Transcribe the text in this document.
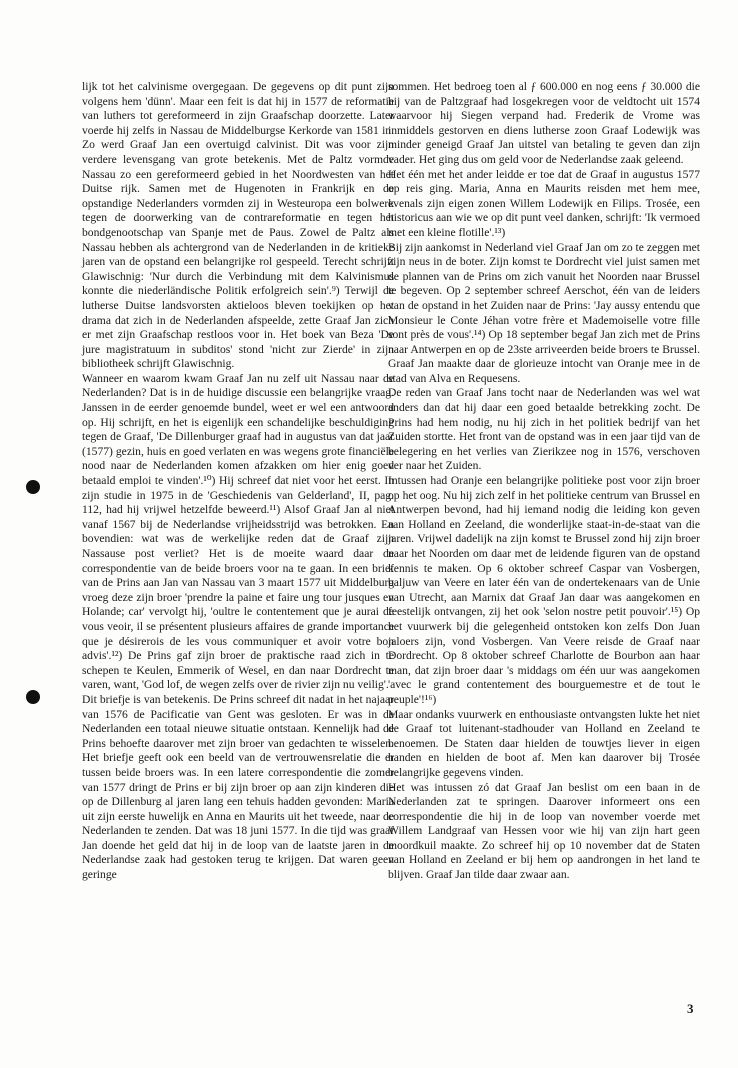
lijk tot het calvinisme overgegaan. De gegevens op dit punt zijn volgens hem 'dünn'. Maar een feit is dat hij in 1577 de reformatie van luthers tot gereformeerd in zijn Graafschap doorzette. Later voerde hij zelfs in Nassau de Middelburgse Kerkorde van 1581 in. Zo werd Graaf Jan een overtuigd calvinist. Dit was voor zijn verdere levensgang van grote betekenis. Met de Paltz vormde Nassau zo een gereformeerd gebied in het Noordwesten van het Duitse rijk. Samen met de Hugenoten in Frankrijk en de opstandige Nederlanders vormden zij in Westeuropa een bolwerk tegen de doorwerking van de contrareformatie en tegen het bondgenootschap van Spanje met de Paus. Zowel de Paltz als Nassau hebben als achtergrond van de Nederlanden in de kritieke jaren van de opstand een belangrijke rol gespeeld. Terecht schrijft Glawischnig: 'Nur durch die Verbindung mit dem Kalvinismus konnte die niederländische Politik erfolgreich sein'.⁹) Terwijl de lutherse Duitse landsvorsten aktieloos bleven toekijken op het drama dat zich in de Nederlanden afspeelde, zette Graaf Jan zich er met zijn Graafschap restloos voor in. Het boek van Beza 'De jure magistratuum in subditos' stond 'nicht zur Zierde' in zijn bibliotheek schrijft Glawischnig.

Wanneer en waarom kwam Graaf Jan nu zelf uit Nassau naar de Nederlanden? Dat is in de huidige discussie een belangrijke vraag. Janssen in de eerder genoemde bundel, weet er wel een antwoord op. Hij schrijft, en het is eigenlijk een schandelijke beschuldiging tegen de Graaf, 'De Dillenburger graaf had in augustus van dat jaar (1577) gezin, huis en goed verlaten en was wegens grote financiële nood naar de Nederlanden komen afzakken om hier enig goed betaald emploi te vinden'.¹⁰) Hij schreef dat niet voor het eerst. In zijn studie in 1975 in de 'Geschiedenis van Gelderland', II, pag. 112, had hij vrijwel hetzelfde beweerd.¹¹) Alsof Graaf Jan al niet vanaf 1567 bij de Nederlandse vrijheidsstrijd was betrokken. En bovendien: wat was de werkelijke reden dat de Graaf zijn Nassause post verliet? Het is de moeite waard daar de correspondentie van de beide broers voor na te gaan. In een brief van de Prins aan Jan van Nassau van 3 maart 1577 uit Middelburg vroeg deze zijn broer 'prendre la paine et faire ung tour jusques en Holande; car' vervolgt hij, 'oultre le contentement que je aurai de vous veoir, il se présentent plusieurs affaires de grande importance que je désirerois de les vous communiquer et avoir votre bon advis'.¹²) De Prins gaf zijn broer de praktische raad zich in te schepen te Keulen, Emmerik of Wesel, en dan naar Dordrecht te varen, want, 'God lof, de wegen zelfs over de rivier zijn nu veilig'.

Dit briefje is van betekenis. De Prins schreef dit nadat in het najaar van 1576 de Pacificatie van Gent was gesloten. Er was in de Nederlanden een totaal nieuwe situatie ontstaan. Kennelijk had de Prins behoefte daarover met zijn broer van gedachten te wisselen. Het briefje geeft ook een beeld van de vertrouwensrelatie die er tussen beide broers was. In een latere correspondentie die zomer van 1577 dringt de Prins er bij zijn broer op aan zijn kinderen die op de Dillenburg al jaren lang een tehuis hadden gevonden: Maria uit zijn eerste huwelijk en Anna en Maurits uit het tweede, naar de Nederlanden te zenden. Dat was 18 juni 1577. In die tijd was graaf Jan doende het geld dat hij in de loop van de laatste jaren in de Nederlandse zaak had gestoken terug te krijgen. Dat waren geen geringe

sommen. Het bedroeg toen al ƒ 600.000 en nog eens ƒ 30.000 die hij van de Paltzgraaf had losgekregen voor de veldtocht uit 1574 waarvoor hij Siegen verpand had. Frederik de Vrome was inmiddels gestorven en diens lutherse zoon Graaf Lodewijk was minder geneigd Graaf Jan uitstel van betaling te geven dan zijn vader. Het ging dus om geld voor de Nederlandse zaak geleend.

Het één met het ander leidde er toe dat de Graaf in augustus 1577 op reis ging. Maria, Anna en Maurits reisden met hem mee, evenals zijn eigen zonen Willem Lodewijk en Filips. Trosée, een historicus aan wie we op dit punt veel danken, schrijft: 'Ik vermoed met een kleine flotille'.¹³)

Bij zijn aankomst in Nederland viel Graaf Jan om zo te zeggen met zijn neus in de boter. Zijn komst te Dordrecht viel juist samen met de plannen van de Prins om zich vanuit het Noorden naar Brussel te begeven. Op 2 september schreef Aerschot, één van de leiders van de opstand in het Zuiden naar de Prins: 'Jay aussy entendu que Monsieur le Conte Jéhan votre frère et Mademoiselle votre fille sont près de vous'.¹⁴) Op 18 september begaf Jan zich met de Prins naar Antwerpen en op de 23ste arriveerden beide broers te Brussel. Graaf Jan maakte daar de glorieuze intocht van Oranje mee in de stad van Alva en Requesens.

De reden van Graaf Jans tocht naar de Nederlanden was wel wat anders dan dat hij daar een goed betaalde betrekking zocht. De Prins had hem nodig, nu hij zich in het politiek bedrijf van het Zuiden stortte. Het front van de opstand was in een jaar tijd van de belegering en het verlies van Zierikzee nog in 1576, verschoven ver naar het Zuiden.

Intussen had Oranje een belangrijke politieke post voor zijn broer op het oog. Nu hij zich zelf in het politieke centrum van Brussel en Antwerpen bevond, had hij iemand nodig die leiding kon geven aan Holland en Zeeland, die wonderlijke staat-in-de-staat van die jaren. Vrijwel dadelijk na zijn komst te Brussel zond hij zijn broer naar het Noorden om daar met de leidende figuren van de opstand kennis te maken. Op 6 oktober schreef Caspar van Vosbergen, baljuw van Veere en later één van de ondertekenaars van de Unie van Utrecht, aan Marnix dat Graaf Jan daar was aangekomen en feestelijk ontvangen, zij het ook 'selon nostre petit pouvoir'.¹⁵) Op het vuurwerk bij die gelegenheid ontstoken kon zelfs Don Juan jaloers zijn, vond Vosbergen. Van Veere reisde de Graaf naar Dordrecht. Op 8 oktober schreef Charlotte de Bourbon aan haar man, dat zijn broer daar 's middags om één uur was aangekomen 'avec le grand contentement des bourguemestre et de tout le peuple'!¹⁶)

Maar ondanks vuurwerk en enthousiaste ontvangsten lukte het niet de Graaf tot luitenant-stadhouder van Holland en Zeeland te benoemen. De Staten daar hielden de touwtjes liever in eigen handen en hielden de boot af. Men kan daarover bij Trosée belangrijke gegevens vinden.

Het was intussen zó dat Graaf Jan beslist om een baan in de Nederlanden zat te springen. Daarover informeert ons een correspondentie die hij in de loop van november voerde met Willem Landgraaf van Hessen voor wie hij van zijn hart geen moordkuil maakte. Zo schreef hij op 10 november dat de Staten van Holland en Zeeland er bij hem op aandrongen in het land te blijven. Graaf Jan tilde daar zwaar aan.

3
